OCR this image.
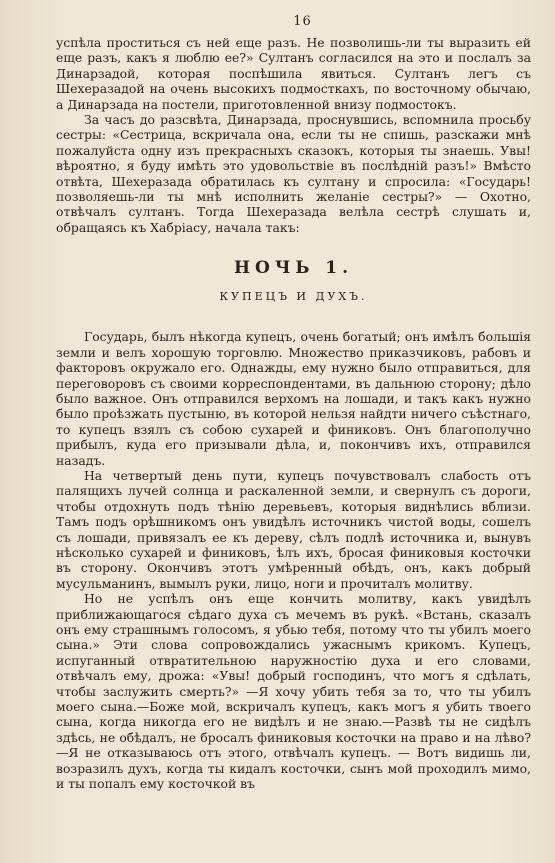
16

успѣла проститься съ ней еще разъ. Не позволишь-ли ты выразить ей еще разъ, какъ я люблю ее?» Султанъ согласился на это и послалъ за Динарзадой, которая поспѣшила явиться. Султанъ легъ съ Шехеразадой на очень высокихъ подмосткахъ, по восточному обычаю, а Динарзада на постели, приготовленной внизу подмостокъ.

За часъ до разсвѣта, Динарзада, проснувшись, вспомнила просьбу сестры: «Сестрица, вскричала она, если ты не спишь, разскажи мнѣ пожалуйста одну изъ прекрасныхъ сказокъ, которыя ты знаешь. Увы! вѣроятно, я буду имѣть это удовольствіе въ послѣдній разъ!» Вмѣсто отвѣта, Шехеразада обратилась къ султану и спросила: «Государь! позволяешь-ли ты мнѣ исполнить желаніе сестры?» — Охотно, отвѣчалъ султанъ. Тогда Шехеразада велѣла сестрѣ слушать и, обращаясь къ Хабріасу, начала такъ:

НОЧЬ 1.
КУПЕЦЪ И ДУХЪ.

Государь, былъ нѣкогда купецъ, очень богатый; онъ имѣлъ большія земли и велъ хорошую торговлю. Множество приказчиковъ, рабовъ и факторовъ окружало его. Однажды, ему нужно было отправиться, для переговоровъ съ своими корреспондентами, въ дальнюю сторону; дѣло было важное. Онъ отправился верхомъ на лошади, и такъ какъ нужно было проѣзжать пустыню, въ которой нельзя найдти ничего съѣстнаго, то купецъ взялъ съ собою сухарей и финиковъ. Онъ благополучно прибылъ, куда его призывали дѣла, и, покончивъ ихъ, отправился назадъ.

На четвертый день пути, купецъ почувствовалъ слабость отъ палящихъ лучей солнца и раскаленной земли, и свернулъ съ дороги, чтобы отдохнуть подъ тѣнію деревьевъ, которыя виднѣлись вблизи. Тамъ подъ орѣшникомъ онъ увидѣлъ источникъ чистой воды, сошелъ съ лошади, привязалъ ее къ дереву, сѣлъ подлѣ источника и, вынувъ нѣсколько сухарей и финиковъ, ѣлъ ихъ, бросая финиковыя косточки въ сторону. Окончивъ этотъ умѣренный обѣдъ, онъ, какъ добрый мусульманинъ, вымылъ руки, лицо, ноги и прочиталъ молитву.

Но не успѣлъ онъ еще кончить молитву, какъ увидѣлъ приближающагося сѣдаго духа съ мечемъ въ рукѣ. «Встань, сказалъ онъ ему страшнымъ голосомъ, я убью тебя, потому что ты убилъ моего сына.» Эти слова сопровождались ужаснымъ крикомъ. Купецъ, испуганный отвратительною наружностію духа и его словами, отвѣчалъ ему, дрожа: «Увы! добрый господинъ, что могъ я сдѣлать, чтобы заслужить смерть?» —Я хочу убить тебя за то, что ты убилъ моего сына.—Боже мой, вскричалъ купецъ, какъ могъ я убить твоего сына, когда никогда его не видѣлъ и не знаю.—Развѣ ты не сидѣлъ здѣсь, не обѣдалъ, не бросалъ финиковыя косточки на право и на лѣво?—Я не отказываюсь отъ этого, отвѣчалъ купецъ. — Вотъ видишь ли, возразилъ духъ, когда ты кидалъ косточки, сынъ мой проходилъ мимо, и ты попалъ ему косточкой въ
